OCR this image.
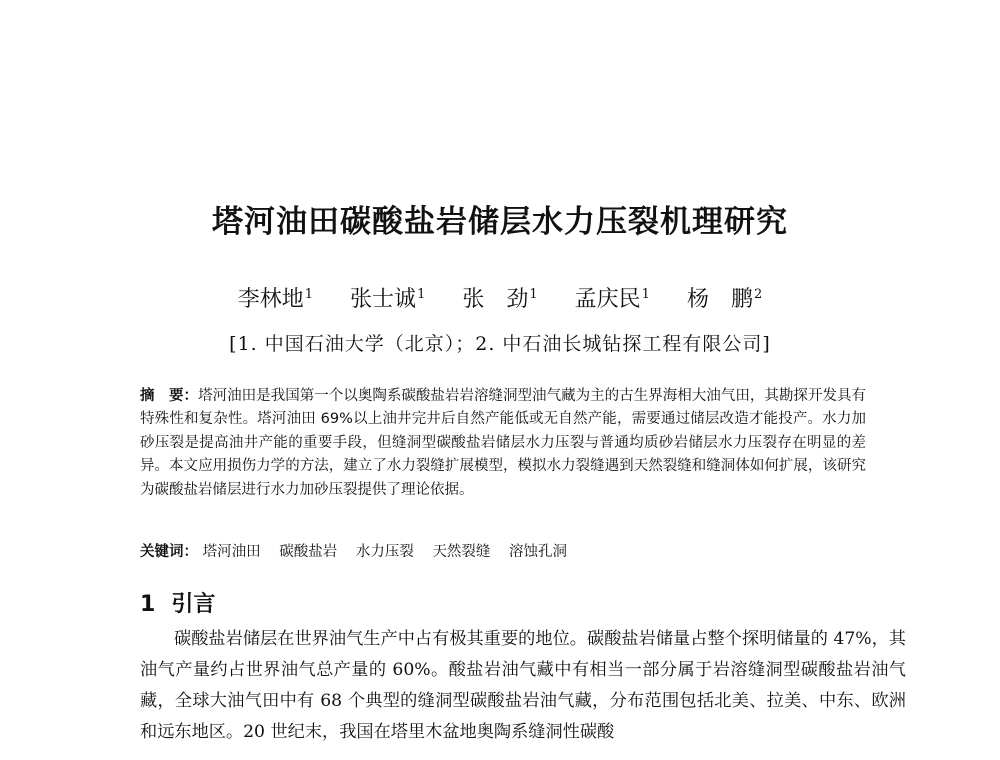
塔河油田碳酸盐岩储层水力压裂机理研究
李林地$^1$ 张士诚$^1$ 张　劲$^1$ 孟庆民$^1$ 杨　鹏$^2$
[1. 中国石油大学（北京）；2. 中石油长城钻探工程有限公司]
摘　要：塔河油田是我国第一个以奥陶系碳酸盐岩岩溶缝洞型油气藏为主的古生界海相大油气田，其勘探开发具有特殊性和复杂性。塔河油田 69%以上油井完井后自然产能低或无自然产能，需要通过储层改造才能投产。水力加砂压裂是提高油井产能的重要手段，但缝洞型碳酸盐岩储层水力压裂与普通均质砂岩储层水力压裂存在明显的差异。本文应用损伤力学的方法，建立了水力裂缝扩展模型，模拟水力裂缝遇到天然裂缝和缝洞体如何扩展，该研究为碳酸盐岩储层进行水力加砂压裂提供了理论依据。
关键词： 塔河油田 碳酸盐岩 水力压裂 天然裂缝 溶蚀孔洞
1 引言

碳酸盐岩储层在世界油气生产中占有极其重要的地位。碳酸盐岩储量占整个探明储量的 47%，其油气产量约占世界油气总产量的 60%。酸盐岩油气藏中有相当一部分属于岩溶缝洞型碳酸盐岩油气藏，全球大油气田中有 68 个典型的缝洞型碳酸盐岩油气藏，分布范围包括北美、拉美、中东、欧洲和远东地区。20 世纪末，我国在塔里木盆地奥陶系缝洞性碳酸
